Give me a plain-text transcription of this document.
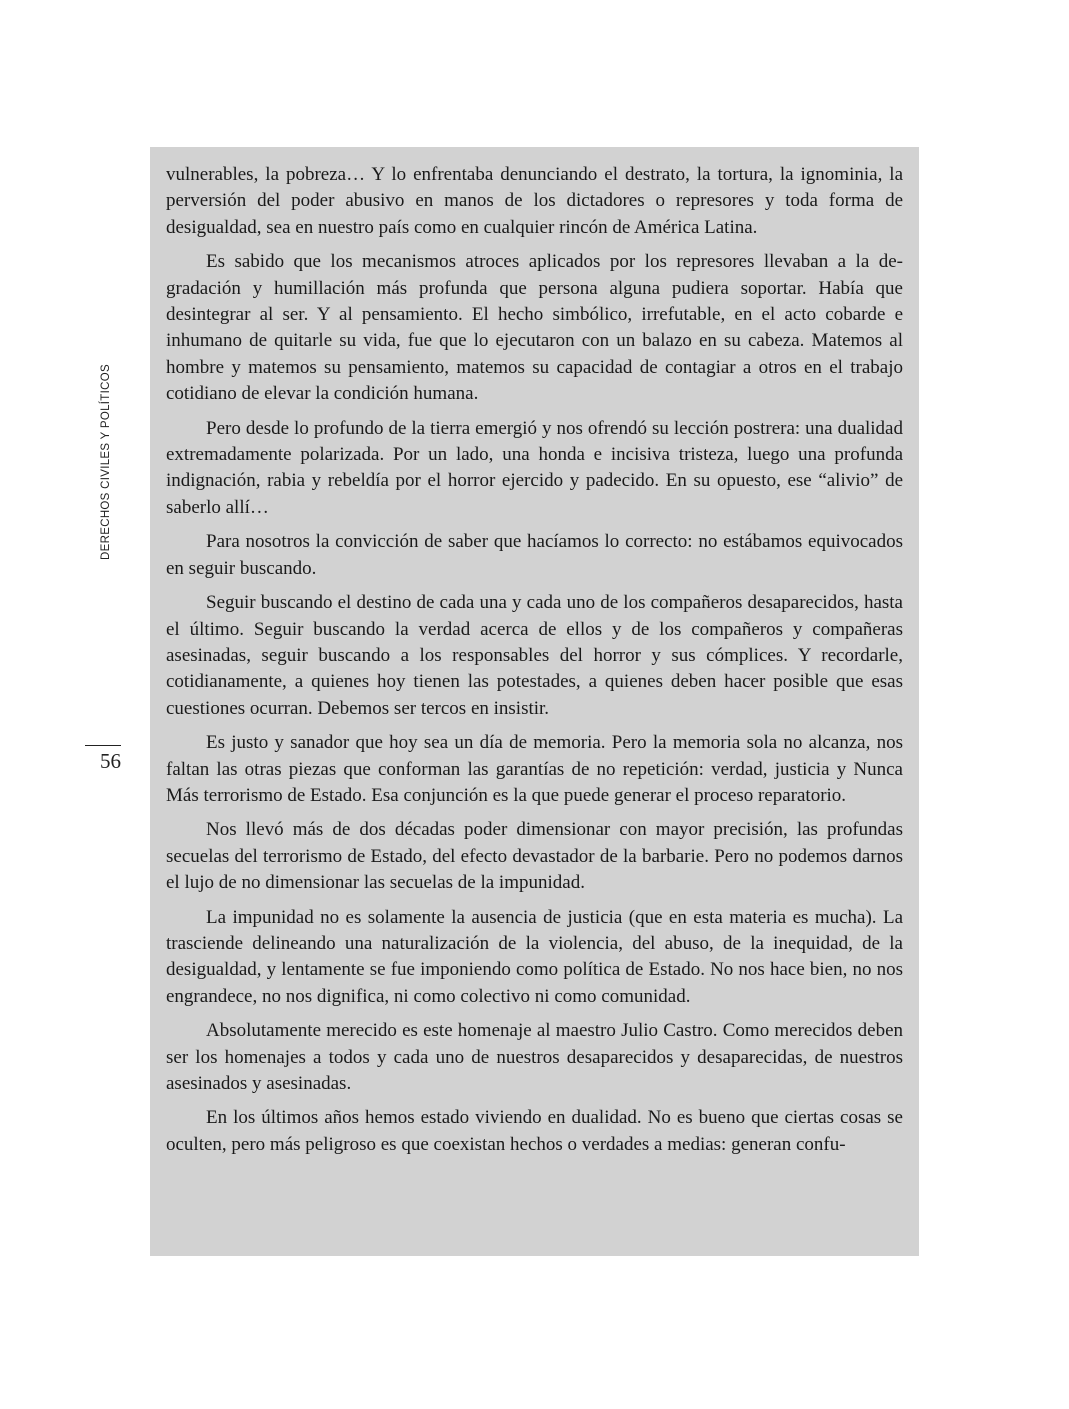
DERECHOS CIVILES Y POLÍTICOS
56

vulnerables, la pobreza… Y lo enfrentaba denunciando el destrato, la tortura, la ignominia, la perversión del poder abusivo en manos de los dictadores o represores y toda forma de desigualdad, sea en nuestro país como en cualquier rincón de América Latina.

Es sabido que los mecanismos atroces aplicados por los represores llevaban a la degradación y humillación más profunda que persona alguna pudiera soportar. Había que desintegrar al ser. Y al pensamiento. El hecho simbólico, irrefutable, en el acto cobarde e inhumano de quitarle su vida, fue que lo ejecutaron con un balazo en su cabeza. Matemos al hombre y matemos su pensamiento, matemos su capacidad de contagiar a otros en el trabajo cotidiano de elevar la condición humana.

Pero desde lo profundo de la tierra emergió y nos ofrendó su lección postrera: una dualidad extremadamente polarizada. Por un lado, una honda e incisiva tristeza, luego una profunda indignación, rabia y rebeldía por el horror ejercido y padecido. En su opuesto, ese “alivio” de saberlo allí…

Para nosotros la convicción de saber que hacíamos lo correcto: no estábamos equivocados en seguir buscando.

Seguir buscando el destino de cada una y cada uno de los compañeros desaparecidos, hasta el último. Seguir buscando la verdad acerca de ellos y de los compañeros y compañeras asesinadas, seguir buscando a los responsables del horror y sus cómplices. Y recordarle, cotidianamente, a quienes hoy tienen las potestades, a quienes deben hacer posible que esas cuestiones ocurran. Debemos ser tercos en insistir.

Es justo y sanador que hoy sea un día de memoria. Pero la memoria sola no alcanza, nos faltan las otras piezas que conforman las garantías de no repetición: verdad, justicia y Nunca Más terrorismo de Estado. Esa conjunción es la que puede generar el proceso reparatorio.

Nos llevó más de dos décadas poder dimensionar con mayor precisión, las profundas secuelas del terrorismo de Estado, del efecto devastador de la barbarie. Pero no podemos darnos el lujo de no dimensionar las secuelas de la impunidad.

La impunidad no es solamente la ausencia de justicia (que en esta materia es mucha). La trasciende delineando una naturalización de la violencia, del abuso, de la inequidad, de la desigualdad, y lentamente se fue imponiendo como política de Estado. No nos hace bien, no nos engrandece, no nos dignifica, ni como colectivo ni como comunidad.

Absolutamente merecido es este homenaje al maestro Julio Castro. Como merecidos deben ser los homenajes a todos y cada uno de nuestros desaparecidos y desaparecidas, de nuestros asesinados y asesinadas.

En los últimos años hemos estado viviendo en dualidad. No es bueno que ciertas cosas se oculten, pero más peligroso es que coexistan hechos o verdades a medias: generan confu-
